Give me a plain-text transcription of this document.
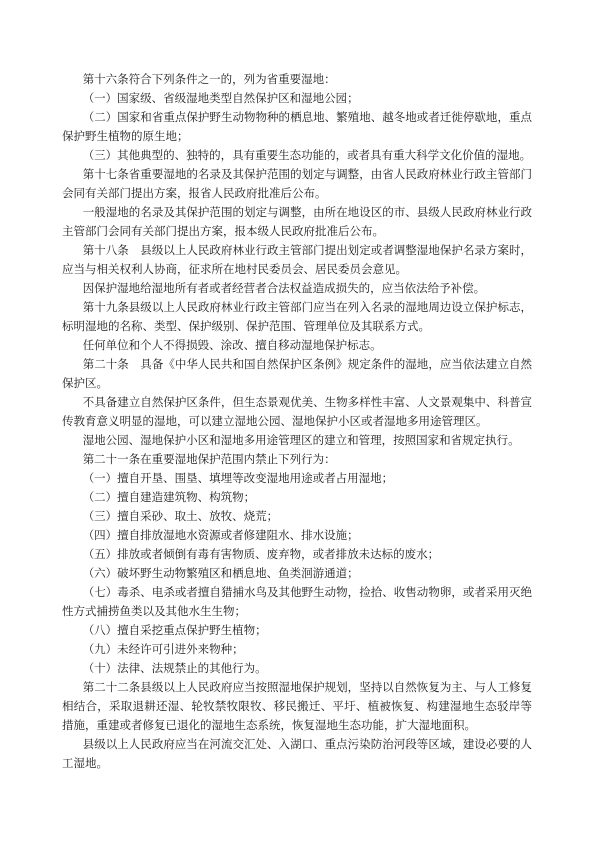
第十六条符合下列条件之一的，列为省重要湿地：

（一）国家级、省级湿地类型自然保护区和湿地公园；

（二）国家和省重点保护野生动物物种的栖息地、繁殖地、越冬地或者迁徙停歇地，重点保护野生植物的原生地；

（三）其他典型的、独特的，具有重要生态功能的，或者具有重大科学文化价值的湿地。

第十七条省重要湿地的名录及其保护范围的划定与调整，由省人民政府林业行政主管部门会同有关部门提出方案，报省人民政府批准后公布。

一般湿地的名录及其保护范围的划定与调整，由所在地设区的市、县级人民政府林业行政主管部门会同有关部门提出方案，报本级人民政府批准后公布。

第十八条　县级以上人民政府林业行政主管部门提出划定或者调整湿地保护名录方案时，应当与相关权利人协商，征求所在地村民委员会、居民委员会意见。

因保护湿地给湿地所有者或者经营者合法权益造成损失的，应当依法给予补偿。

第十九条县级以上人民政府林业行政主管部门应当在列入名录的湿地周边设立保护标志，标明湿地的名称、类型、保护级别、保护范围、管理单位及其联系方式。

任何单位和个人不得损毁、涂改、擅自移动湿地保护标志。

第二十条　具备《中华人民共和国自然保护区条例》规定条件的湿地，应当依法建立自然保护区。

不具备建立自然保护区条件，但生态景观优美、生物多样性丰富、人文景观集中、科普宣传教育意义明显的湿地，可以建立湿地公园、湿地保护小区或者湿地多用途管理区。

湿地公园、湿地保护小区和湿地多用途管理区的建立和管理，按照国家和省规定执行。

第二十一条在重要湿地保护范围内禁止下列行为：

（一）擅自开垦、围垦、填埋等改变湿地用途或者占用湿地；

（二）擅自建造建筑物、构筑物；

（三）擅自采砂、取土、放牧、烧荒；

（四）擅自排放湿地水资源或者修建阻水、排水设施；

（五）排放或者倾倒有毒有害物质、废弃物，或者排放未达标的废水；

（六）破坏野生动物繁殖区和栖息地、鱼类洄游通道；

（七）毒杀、电杀或者擅自猎捕水鸟及其他野生动物，捡拾、收售动物卵，或者采用灭绝性方式捕捞鱼类以及其他水生生物；

（八）擅自采挖重点保护野生植物；

（九）未经许可引进外来物种；

（十）法律、法规禁止的其他行为。

第二十二条县级以上人民政府应当按照湿地保护规划，坚持以自然恢复为主、与人工修复相结合，采取退耕还湿、轮牧禁牧限牧、移民搬迁、平圩、植被恢复、构建湿地生态驳岸等措施，重建或者修复已退化的湿地生态系统，恢复湿地生态功能，扩大湿地面积。

县级以上人民政府应当在河流交汇处、入湖口、重点污染防治河段等区域，建设必要的人工湿地。
